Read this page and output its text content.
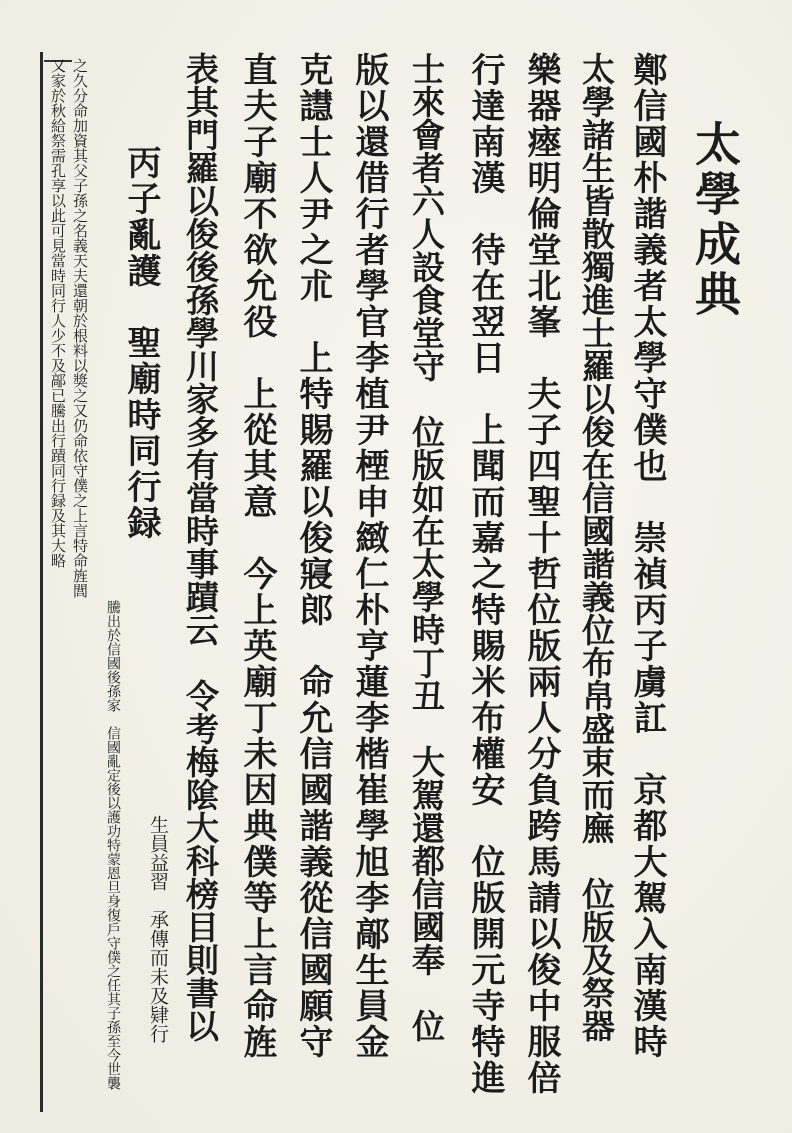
太學成典
鄭信國朴諧義者太學守僕也　崇禎丙子虜訌　京都大駕入南漢時
太學諸生皆散獨進士羅以俊在信國諧義位布帛盛束而廡　位版及祭器
樂器瘞明倫堂北峯　夫子四聖十哲位版兩人分負跨馬請以俊中服倍
行達南漢　待在翌日　上聞而嘉之特賜米布權安　位版開元寺特進
士來會者六人設食堂守　位版如在太學時丁丑　大駕還都信國奉　位
版以還借行者學官李植尹㮒申緻仁朴亨蓮李楷崔學旭李鄗生員金
克譿士人尹之朮　上特賜羅以俊寢郎　命允信國諧義從信國願守
直夫子廟不欲允役　上從其意　今上英廟丁未因典僕等上言命旌
表其門羅以俊後孫學川家多有當時事蹟云　令考梅隂大科榜目則書以
丙子亂護　聖廟時同行録
騰出於信國後孫家　信國亂定後以護功特蒙恩旦身復戶守僕之任其子孫至今世襲 生員益習　承傳而未及肄行
之久分命加資其父子孫之名義天夫還朝於根料以獎之又仍命依守僕之上言特命旌閭
又家於秋給祭需孔享以此可見當時同行人少不及鄗已騰出行蹟同行録及其大略
